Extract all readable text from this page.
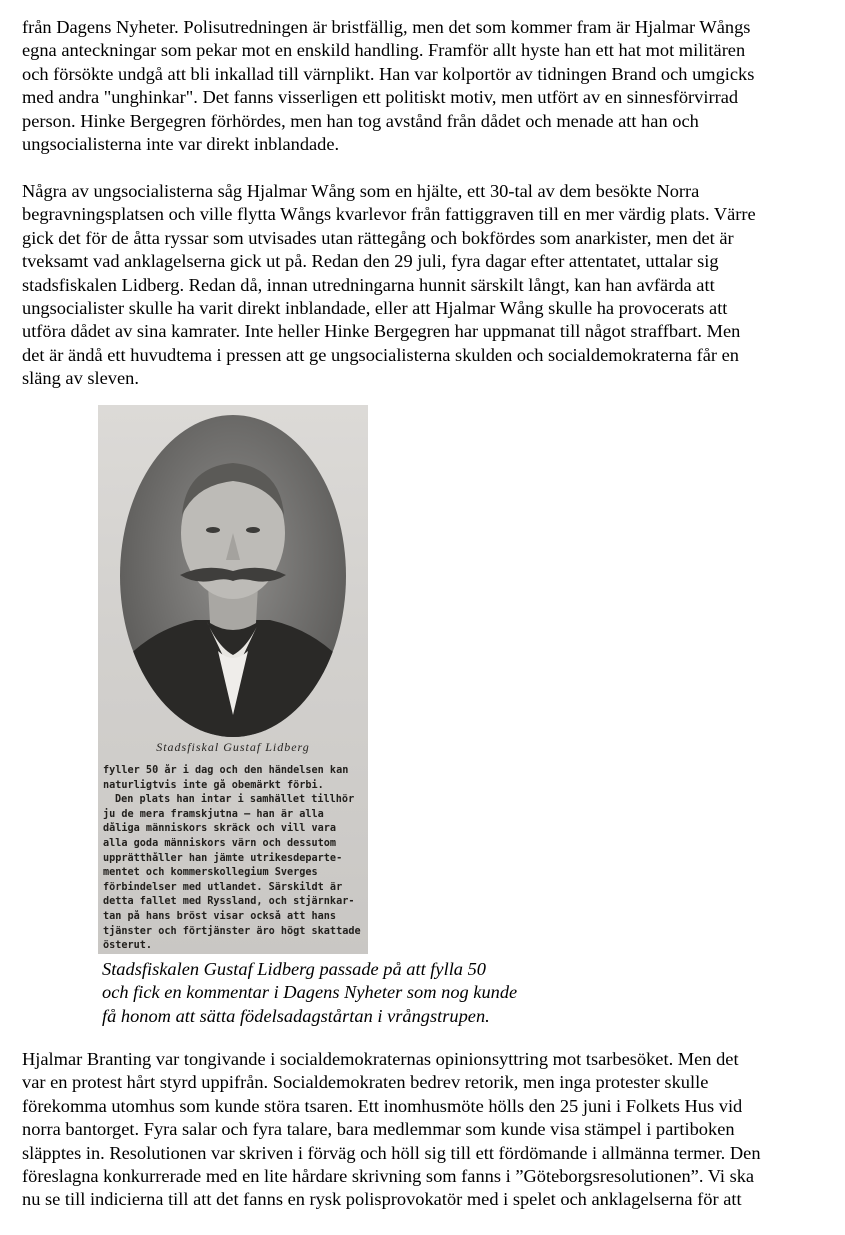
från Dagens Nyheter. Polisutredningen är bristfällig, men det som kommer fram är Hjalmar Wångs
egna anteckningar som pekar mot en enskild handling. Framför allt hyste han ett hat mot militären
och försökte undgå att bli inkallad till värnplikt. Han var kolportör av tidningen Brand och umgicks
med andra "unghinkar". Det fanns visserligen ett politiskt motiv, men utfört av en sinnesförvirrad
person. Hinke Bergegren förhördes, men han tog avstånd från dådet och menade att han och
ungsocialisterna inte var direkt inblandade.
Några av ungsocialisterna såg Hjalmar Wång som en hjälte, ett 30-tal av dem besökte Norra
begravningsplatsen och ville flytta Wångs kvarlevor från fattiggraven till en mer värdig plats. Värre
gick det för de åtta ryssar som utvisades utan rättegång och bokfördes som anarkister, men det är
tveksamt vad anklagelserna gick ut på. Redan den 29 juli, fyra dagar efter attentatet, uttalar sig
stadsfiskalen Lidberg. Redan då, innan utredningarna hunnit särskilt långt, kan han avfärda att
ungsocialister skulle ha varit direkt inblandade, eller att Hjalmar Wång skulle ha provocerats att
utföra dådet av sina kamrater. Inte heller Hinke Bergegren har uppmanat till något straffbart. Men
det är ändå ett huvudtema i pressen att ge ungsocialisterna skulden och socialdemokraterna får en
släng av sleven.
Stadsfiskal Gustaf Lidberg
fyller 50 år i dag och den händelsen kan
naturligtvis inte gå obemärkt förbi.
Den plats han intar i samhället tillhör
ju de mera framskjutna — han är alla
dåliga människors skräck och vill vara
alla goda människors värn och dessutom
upprätthåller han jämte utrikesdeparte-
mentet och kommerskollegium Sverges
förbindelser med utlandet. Särskildt är
detta fallet med Ryssland, och stjärnkar-
tan på hans bröst visar också att hans
tjänster och förtjänster äro högt skattade
österut.
Stadsfiskalen Gustaf Lidberg passade på att fylla 50
och fick en kommentar i Dagens Nyheter som nog kunde
få honom att sätta födelsadagstårtan i vrångstrupen.
Hjalmar Branting var tongivande i socialdemokraternas opinionsyttring mot tsarbesöket. Men det
var en protest hårt styrd uppifrån. Socialdemokraten bedrev retorik, men inga protester skulle
förekomma utomhus som kunde störa tsaren. Ett inomhusmöte hölls den 25 juni i Folkets Hus vid
norra bantorget. Fyra salar och fyra talare, bara medlemmar som kunde visa stämpel i partiboken
släpptes in. Resolutionen var skriven i förväg och höll sig till ett fördömande i allmänna termer. Den
föreslagna konkurrerade med en lite hårdare skrivning som fanns i ”Göteborgsresolutionen”. Vi ska
nu se till indicierna till att det fanns en rysk polisprovokatör med i spelet och anklagelserna för att
